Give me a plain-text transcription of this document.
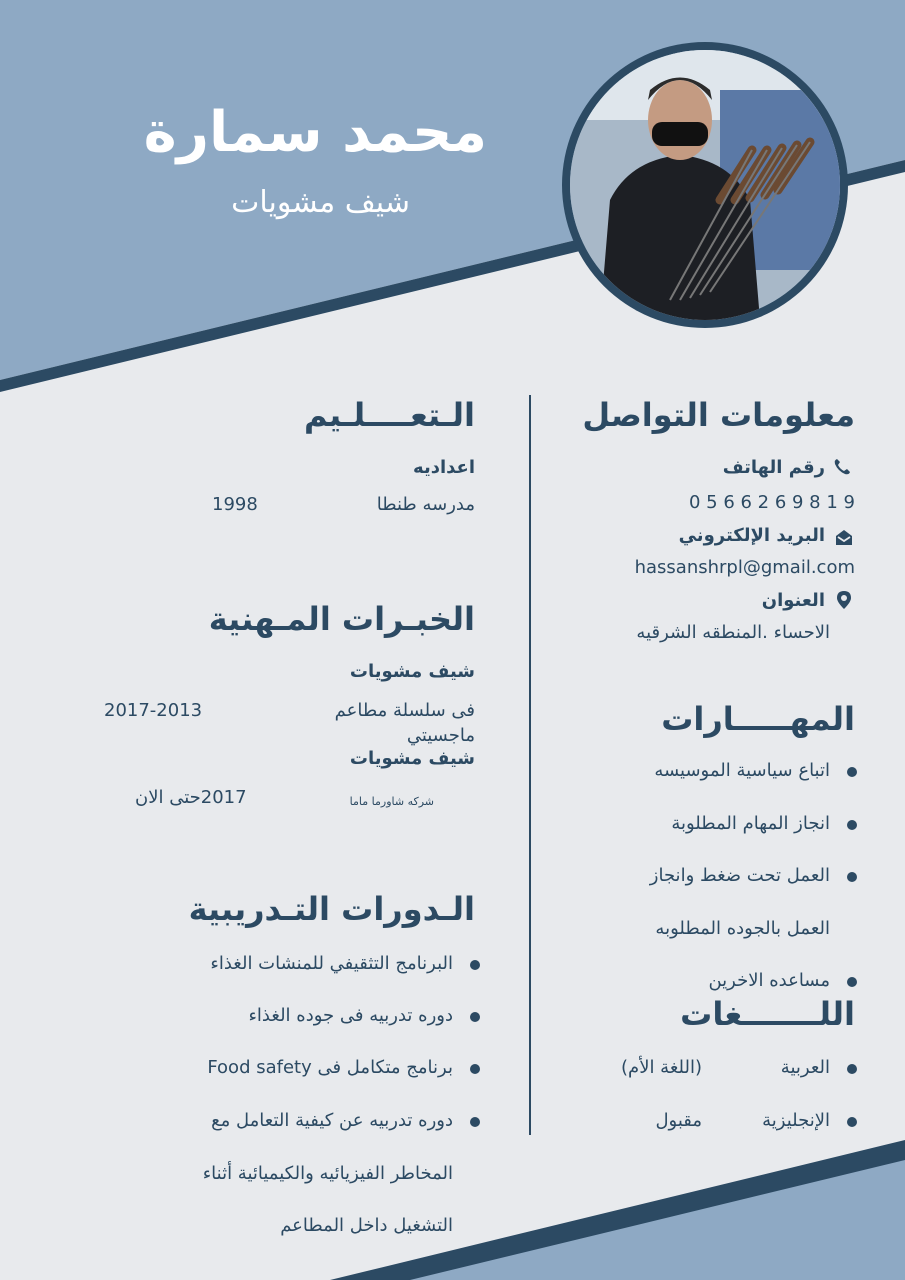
محمد سمارة
شيف مشويات
معلومات التواصل
رقم الهاتف
0 5 6 6 2 6 9 8 1 9
البريد الإلكتروني
hassanshrpl@gmail.com
العنوان
الاحساء .المنطقه الشرقيه
المهـــــارات
اتباع سياسية الموسيسه
انجاز المهام المطلوبة
العمل تحت ضغط وانجاز
العمل بالجوده المطلوبه
مساعده الاخرين
اللـــــــغات
العربية
(اللغة الأم)
الإنجليزية
مقبول
الـتعــــلـيم
اعداديه
مدرسه طنطا
1998
الخبـرات المـهنية
شيف مشويات
فى سلسلة مطاعم
ماجسيتي
2017-2013
شيف مشويات
شركه شاورما ماما
2017حتى الان
الـدورات التـدريبية
البرنامج التثقيفي للمنشات الغذاء
دوره تدربيه فى جوده الغذاء
برنامج متكامل فى Food safety
دوره تدربيه عن كيفية التعامل مع
المخاطر الفيزيائيه والكيميائية أثناء
التشغيل داخل المطاعم
